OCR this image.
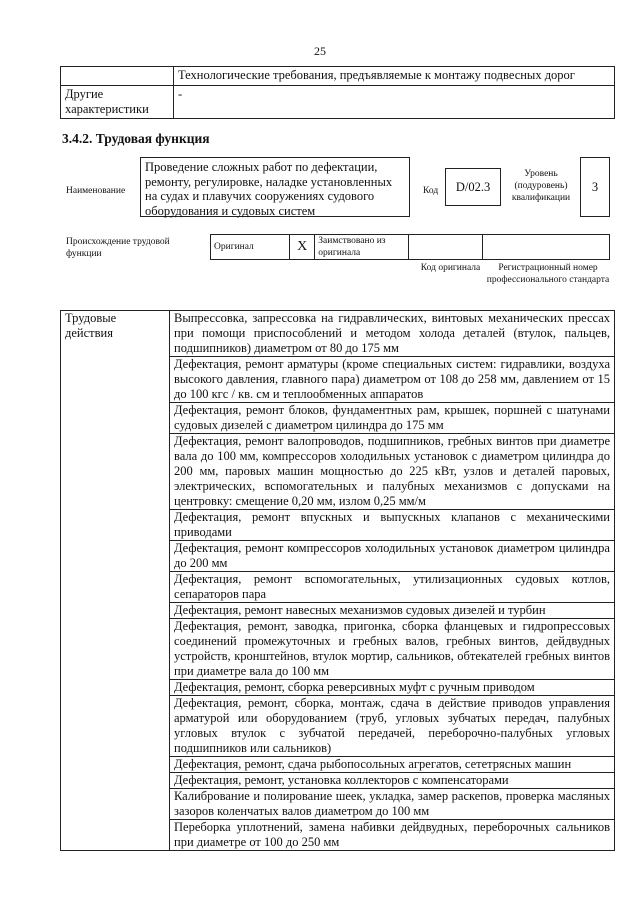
25
	Технологические требования, предъявляемые к монтажу подвесных дорог
Другие характеристики	-
3.4.2. Трудовая функция
Наименование
Проведение сложных работ по дефектации, ремонту, регулировке, наладке установленных на судах и плавучих сооружениях судового оборудования и судовых систем
Код	D/02.3
Уровень (подуровень) квалификации
3
Происхождение трудовой функции
Оригинал	X	Заимствовано из оригинала		
Код оригинала	Регистрационный номер профессионального стандарта
Трудовые действия	Выпрессовка, запрессовка на гидравлических, винтовых механических прессах при помощи приспособлений и методом холода деталей (втулок, пальцев, подшипников) диаметром от 80 до 175 мм
Дефектация, ремонт арматуры (кроме специальных систем: гидравлики, воздуха высокого давления, главного пара) диаметром от 108 до 258 мм, давлением от 15 до 100 кгс / кв. см и теплообменных аппаратов
Дефектация, ремонт блоков, фундаментных рам, крышек, поршней с шатунами судовых дизелей с диаметром цилиндра до 175 мм
Дефектация, ремонт валопроводов, подшипников, гребных винтов при диаметре вала до 100 мм, компрессоров холодильных установок с диаметром цилиндра до 200 мм, паровых машин мощностью до 225 кВт, узлов и деталей паровых, электрических, вспомогательных и палубных механизмов с допусками на центровку: смещение 0,20 мм, излом 0,25 мм/м
Дефектация, ремонт впускных и выпускных клапанов с механическими приводами
Дефектация, ремонт компрессоров холодильных установок диаметром цилиндра до 200 мм
Дефектация, ремонт вспомогательных, утилизационных судовых котлов, сепараторов пара
Дефектация, ремонт навесных механизмов судовых дизелей и турбин
Дефектация, ремонт, заводка, пригонка, сборка фланцевых и гидропрессовых соединений промежуточных и гребных валов, гребных винтов, дейдвудных устройств, кронштейнов, втулок мортир, сальников, обтекателей гребных винтов при диаметре вала до 100 мм
Дефектация, ремонт, сборка реверсивных муфт с ручным приводом
Дефектация, ремонт, сборка, монтаж, сдача в действие приводов управления арматурой или оборудованием (труб, угловых зубчатых передач, палубных угловых втулок с зубчатой передачей, переборочно-палубных угловых подшипников или сальников)
Дефектация, ремонт, сдача рыбопосольных агрегатов, сететрясных машин
Дефектация, ремонт, установка коллекторов с компенсаторами
Калибрование и полирование шеек, укладка, замер раскепов, проверка масляных зазоров коленчатых валов диаметром до 100 мм
Переборка уплотнений, замена набивки дейдвудных, переборочных сальников при диаметре от 100 до 250 мм
